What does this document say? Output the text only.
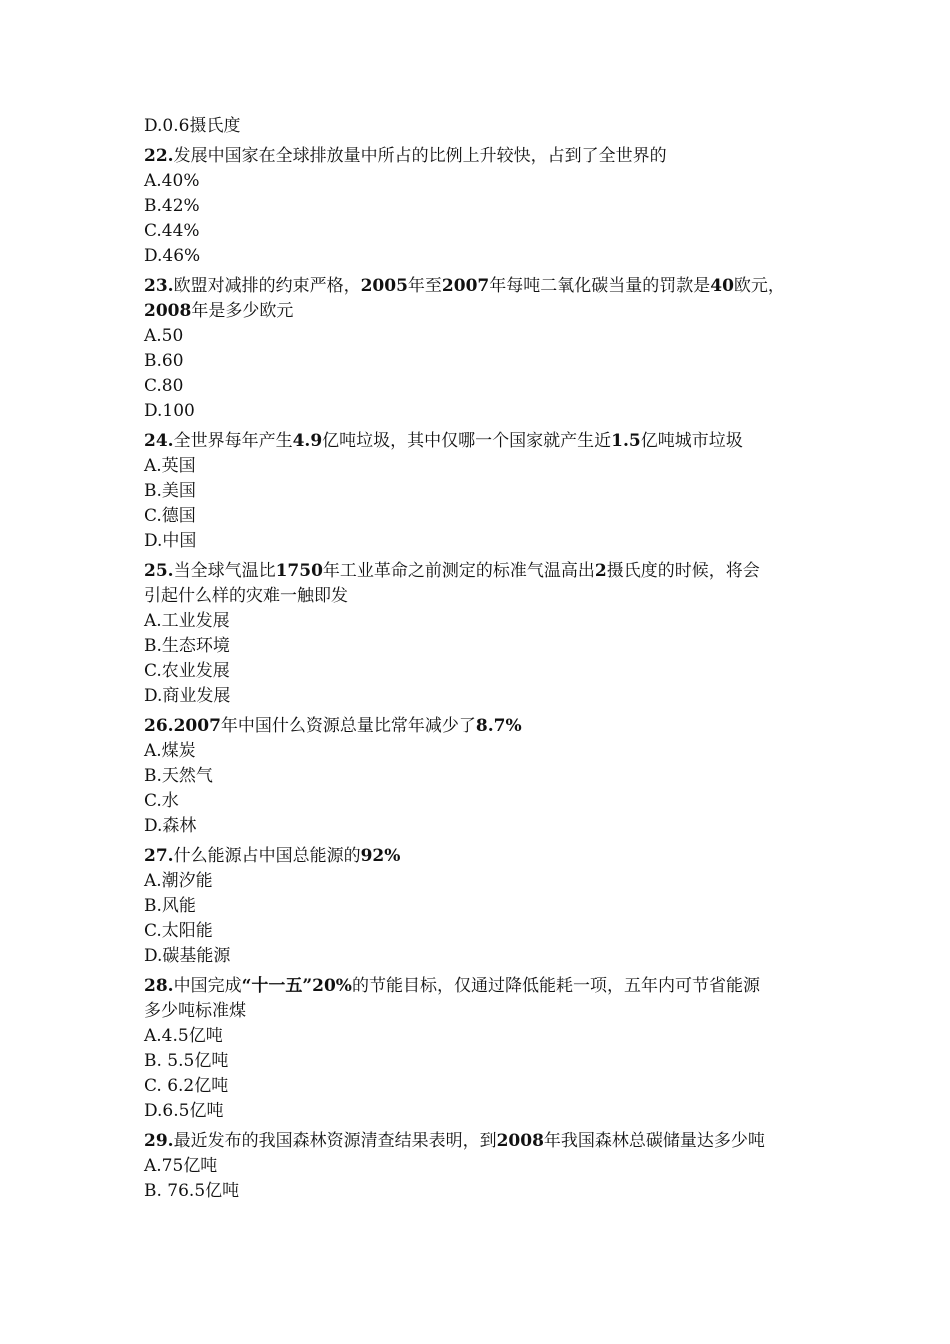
D.0.6摄氏度

22.发展中国家在全球排放量中所占的比例上升较快，占到了全世界的

A.40%

B.42%

C.44%

D.46%

23.欧盟对减排的约束严格，2005年至2007年每吨二氧化碳当量的罚款是40欧元，

2008年是多少欧元

A.50

B.60

C.80

D.100

24.全世界每年产生4.9亿吨垃圾，其中仅哪一个国家就产生近1.5亿吨城市垃圾

A.英国

B.美国

C.德国

D.中国

25.当全球气温比1750年工业革命之前测定的标准气温高出2摄氏度的时候，将会

引起什么样的灾难一触即发

A.工业发展

B.生态环境

C.农业发展

D.商业发展

26.2007年中国什么资源总量比常年减少了8.7%

A.煤炭

B.天然气

C.水

D.森林

27.什么能源占中国总能源的92%

A.潮汐能

B.风能

C.太阳能

D.碳基能源

28.中国完成“十一五”20%的节能目标，仅通过降低能耗一项，五年内可节省能源

多少吨标准煤

A.4.5亿吨

B. 5.5亿吨

C. 6.2亿吨

D.6.5亿吨

29.最近发布的我国森林资源清查结果表明，到2008年我国森林总碳储量达多少吨

A.75亿吨

B. 76.5亿吨
